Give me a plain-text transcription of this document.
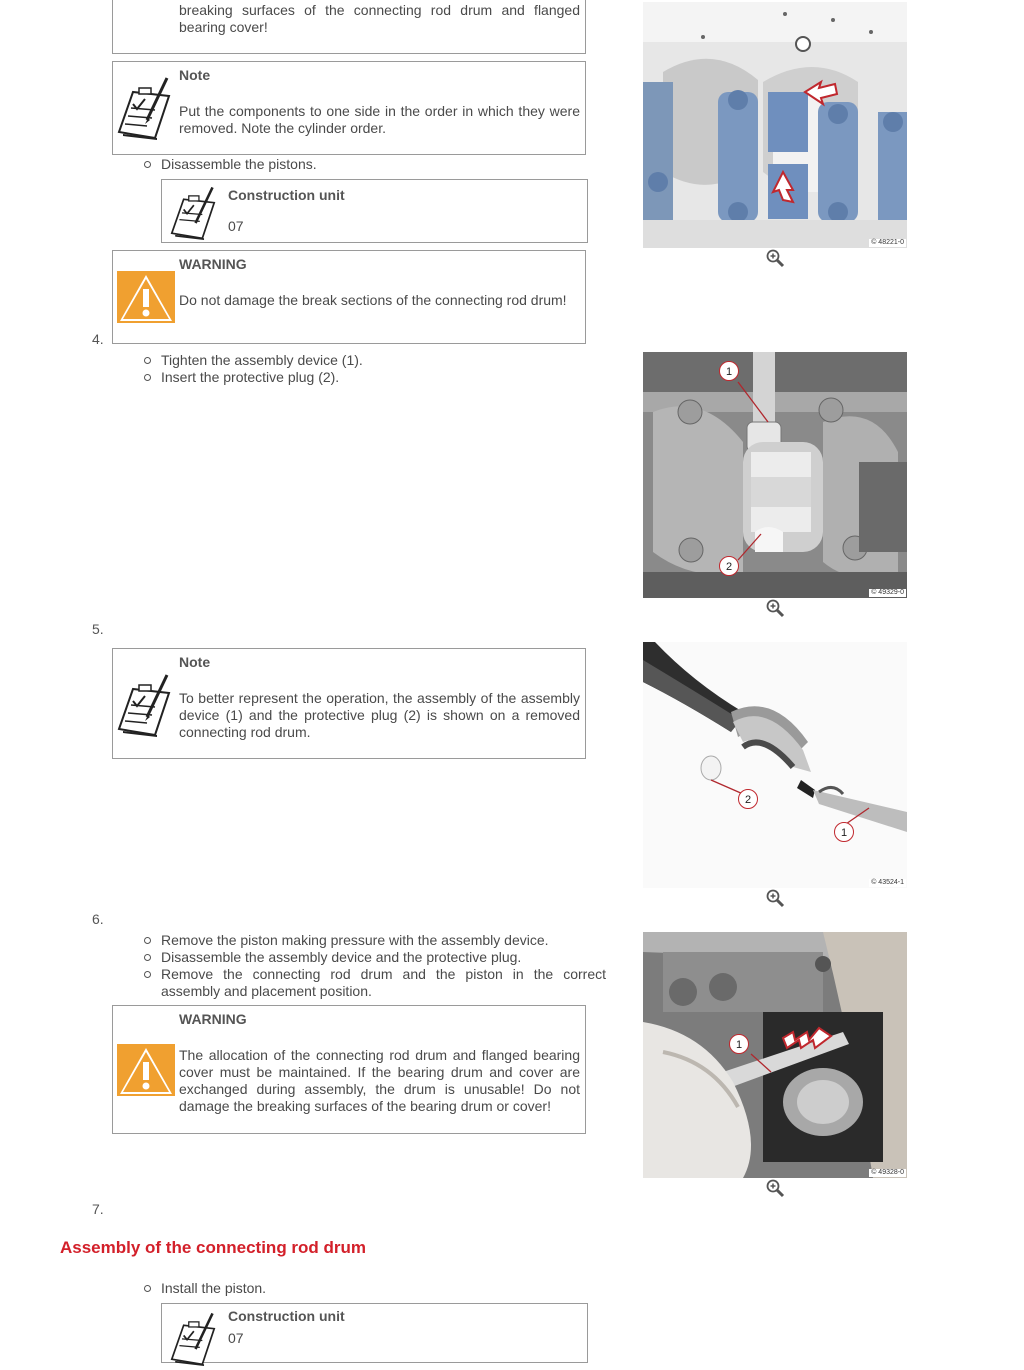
breaking surfaces of the connecting rod drum and flanged bearing cover!
Note
Put the components to one side in the order in which they were removed. Note the cylinder order.
Disassemble the pistons.
Construction unit
07
WARNING
Do not damage the break sections of the connecting rod drum!
© 48221-0
4.
Tighten the assembly device (1).
Insert the protective plug (2).	1
2
© 49329-0
5.
Note
To better represent the operation, the assembly of the assembly device (1) and the protective plug (2) is shown on a removed connecting rod drum.
2
1
© 43524-1
6.
Remove the piston making pressure with the assembly device.
Disassemble the assembly device and the protective plug.
Remove the connecting rod drum and the piston in the correct assembly and placement position.
WARNING
The allocation of the connecting rod drum and flanged bearing cover must be maintained. If the bearing drum and cover are exchanged during assembly, the drum is unusable! Do not damage the breaking surfaces of the bearing drum or cover!
1
© 49328-0
7.
Assembly of the connecting rod drum
Install the piston.
Construction unit
07
